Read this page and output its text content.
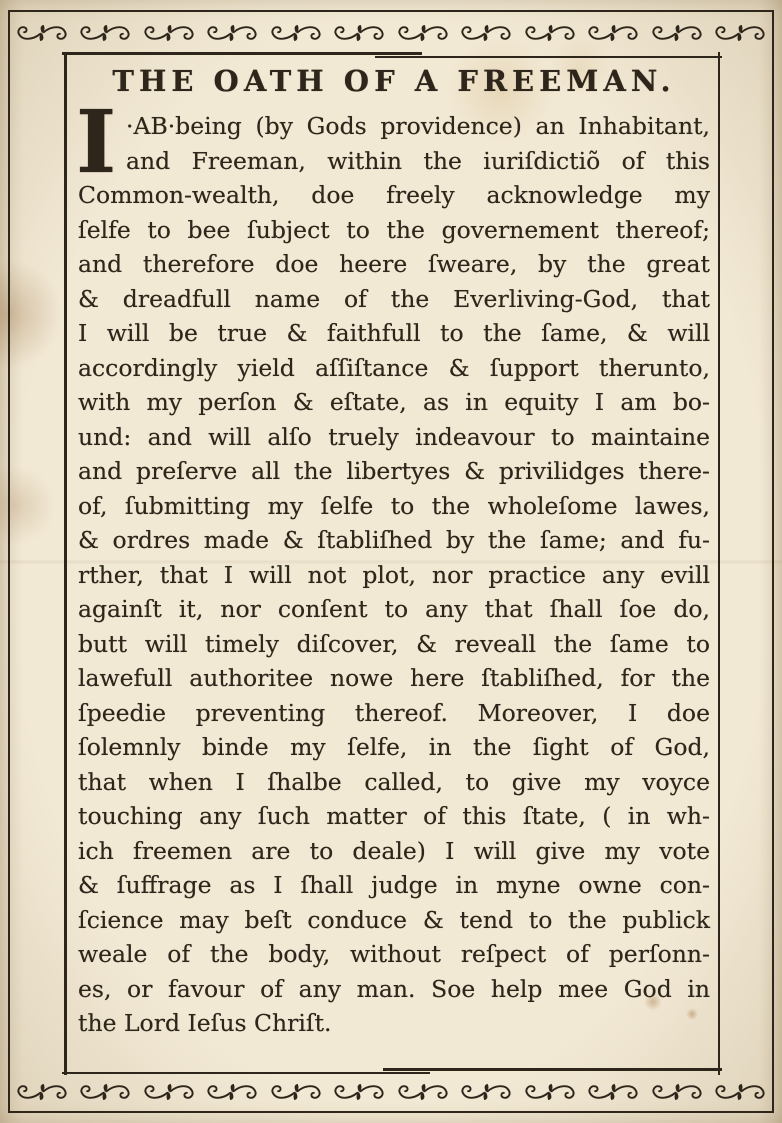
THE OATH OF A FREEMAN.
I ·AB·being (by Gods providence) an Inhabitant,
and Freeman, within the iuriſdictiõ of this
Common-wealth, doe freely acknowledge my
ſelfe to bee ſubject to the governement thereof;
and therefore doe heere ſweare, by the great
& dreadfull name of the Everliving-God, that
I will be true & faithfull to the ſame, & will
accordingly yield aſſiſtance & ſupport therunto,
with my perſon & eſtate, as in equity I am bo-
und: and will alſo truely indeavour to maintaine
and preſerve all the libertyes & privilidges there-
of, ſubmitting my ſelfe to the wholeſome lawes,
& ordres made & ſtabliſhed by the ſame; and fu-
rther, that I will not plot, nor practice any evill
againſt it, nor conſent to any that ſhall ſoe do,
butt will timely diſcover, & reveall the ſame to
lawefull authoritee nowe here ſtabliſhed, for the
ſpeedie preventing thereof. Moreover, I doe
ſolemnly binde my ſelfe, in the ſight of God,
that when I ſhalbe called, to give my voyce
touching any ſuch matter of this ſtate, ( in wh-
ich freemen are to deale) I will give my vote
& ſuffrage as I ſhall judge in myne owne con-
ſcience may beſt conduce & tend to the publick
weale of the body, without reſpect of perſonn-
es, or favour of any man. Soe help mee God in
the Lord Ieſus Chriſt.
